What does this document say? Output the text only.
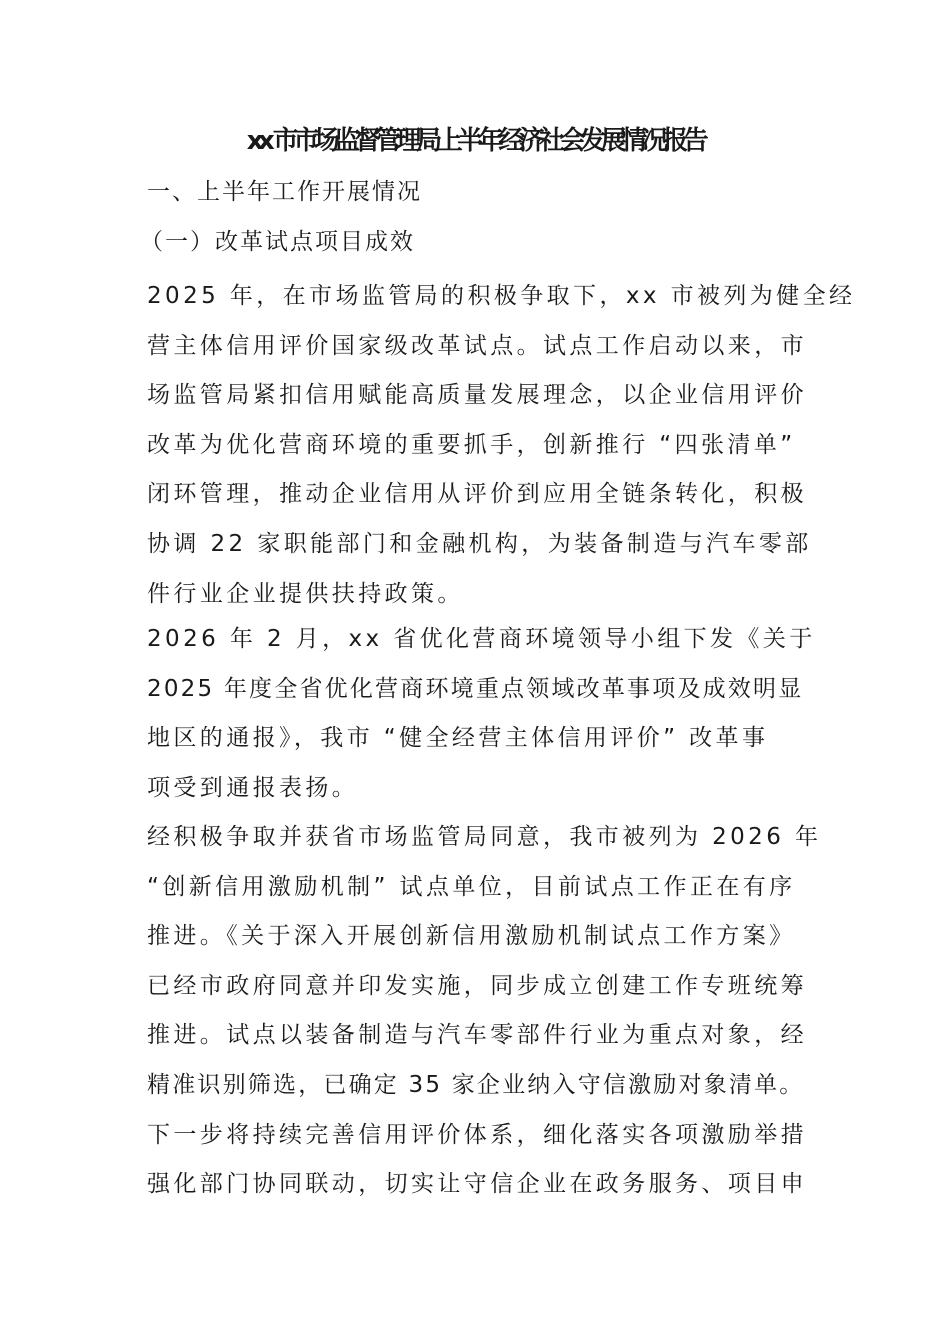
xx 市市场监督管理局上半年经济社会发展情况报告
一、上半年工作开展情况
（一）改革试点项目成效
2025 年，在市场监管局的积极争取下，xx 市被列为健全经
营主体信用评价国家级改革试点。试点工作启动以来，市
场监管局紧扣信用赋能高质量发展理念，以企业信用评价
改革为优化营商环境的重要抓手，创新推行 “四张清单”
闭环管理，推动企业信用从评价到应用全链条转化，积极
协调 22 家职能部门和金融机构，为装备制造与汽车零部
件行业企业提供扶持政策。
2026 年 2 月，xx 省优化营商环境领导小组下发《关于
2025 年度全省优化营商环境重点领域改革事项及成效明显
地区的通报》，我市 “健全经营主体信用评价” 改革事
项受到通报表扬。
经积极争取并获省市场监管局同意，我市被列为 2026 年
“创新信用激励机制” 试点单位，目前试点工作正在有序
推进。《关于深入开展创新信用激励机制试点工作方案》
已经市政府同意并印发实施，同步成立创建工作专班统筹
推进。试点以装备制造与汽车零部件行业为重点对象，经
精准识别筛选，已确定 35 家企业纳入守信激励对象清单。
下一步将持续完善信用评价体系，细化落实各项激励举措
强化部门协同联动，切实让守信企业在政务服务、项目申
